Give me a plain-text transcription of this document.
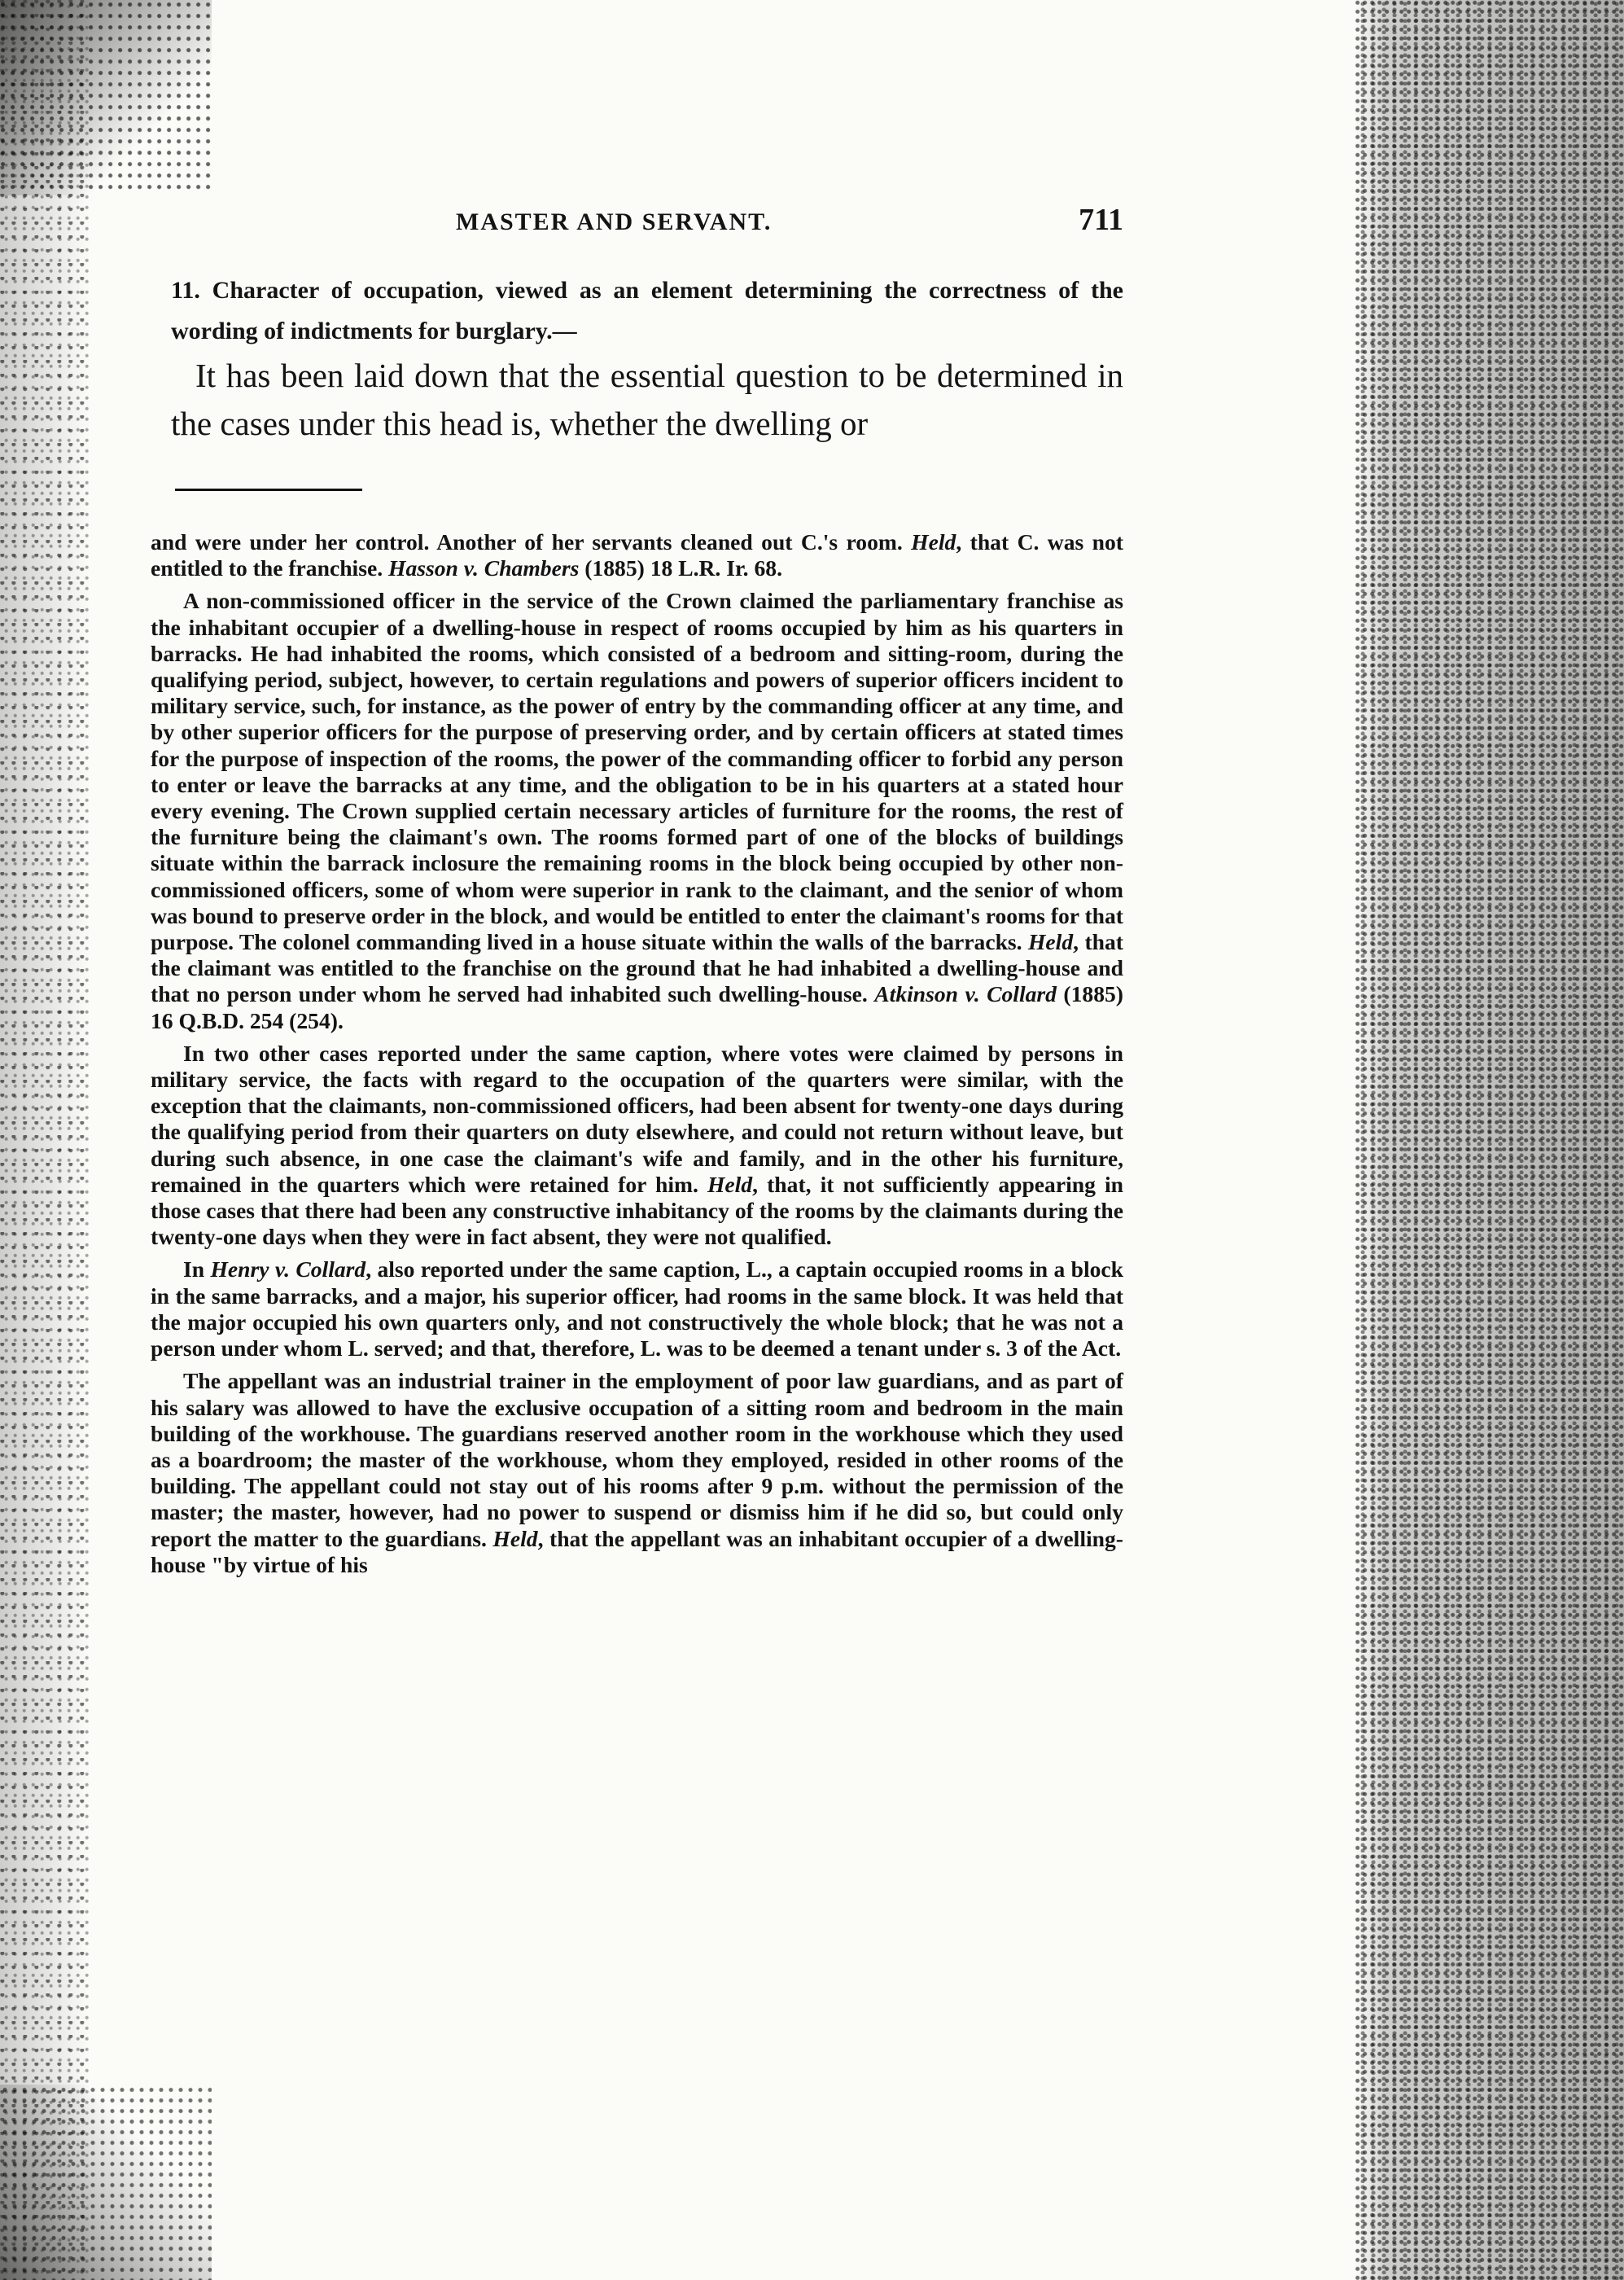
MASTER AND SERVANT.	711
11. Character of occupation, viewed as an element determining the correctness of the wording of indictments for burglary.—
It has been laid down that the essential question to be determined in the cases under this head is, whether the dwelling or

and were under her control. Another of her servants cleaned out C.'s room. Held, that C. was not entitled to the franchise. Hasson v. Chambers (1885) 18 L.R. Ir. 68.

A non-commissioned officer in the service of the Crown claimed the parliamentary franchise as the inhabitant occupier of a dwelling-house in respect of rooms occupied by him as his quarters in barracks. He had inhabited the rooms, which consisted of a bedroom and sitting-room, during the qualifying period, subject, however, to certain regulations and powers of superior officers incident to military service, such, for instance, as the power of entry by the commanding officer at any time, and by other superior officers for the purpose of preserving order, and by certain officers at stated times for the purpose of inspection of the rooms, the power of the commanding officer to forbid any person to enter or leave the barracks at any time, and the obligation to be in his quarters at a stated hour every evening. The Crown supplied certain necessary articles of furniture for the rooms, the rest of the furniture being the claimant's own. The rooms formed part of one of the blocks of buildings situate within the barrack inclosure the remaining rooms in the block being occupied by other non-commissioned officers, some of whom were superior in rank to the claimant, and the senior of whom was bound to preserve order in the block, and would be entitled to enter the claimant's rooms for that purpose. The colonel commanding lived in a house situate within the walls of the barracks. Held, that the claimant was entitled to the franchise on the ground that he had inhabited a dwelling-house and that no person under whom he served had inhabited such dwelling-house. Atkinson v. Collard (1885) 16 Q.B.D. 254 (254).

In two other cases reported under the same caption, where votes were claimed by persons in military service, the facts with regard to the occupation of the quarters were similar, with the exception that the claimants, non-commissioned officers, had been absent for twenty-one days during the qualifying period from their quarters on duty elsewhere, and could not return without leave, but during such absence, in one case the claimant's wife and family, and in the other his furniture, remained in the quarters which were retained for him. Held, that, it not sufficiently appearing in those cases that there had been any constructive inhabitancy of the rooms by the claimants during the twenty-one days when they were in fact absent, they were not qualified.

In Henry v. Collard, also reported under the same caption, L., a captain occupied rooms in a block in the same barracks, and a major, his superior officer, had rooms in the same block. It was held that the major occupied his own quarters only, and not constructively the whole block; that he was not a person under whom L. served; and that, therefore, L. was to be deemed a tenant under s. 3 of the Act.

The appellant was an industrial trainer in the employment of poor law guardians, and as part of his salary was allowed to have the exclusive occupation of a sitting room and bedroom in the main building of the workhouse. The guardians reserved another room in the workhouse which they used as a boardroom; the master of the workhouse, whom they employed, resided in other rooms of the building. The appellant could not stay out of his rooms after 9 p.m. without the permission of the master; the master, however, had no power to suspend or dismiss him if he did so, but could only report the matter to the guardians. Held, that the appellant was an inhabitant occupier of a dwelling-house "by virtue of his
